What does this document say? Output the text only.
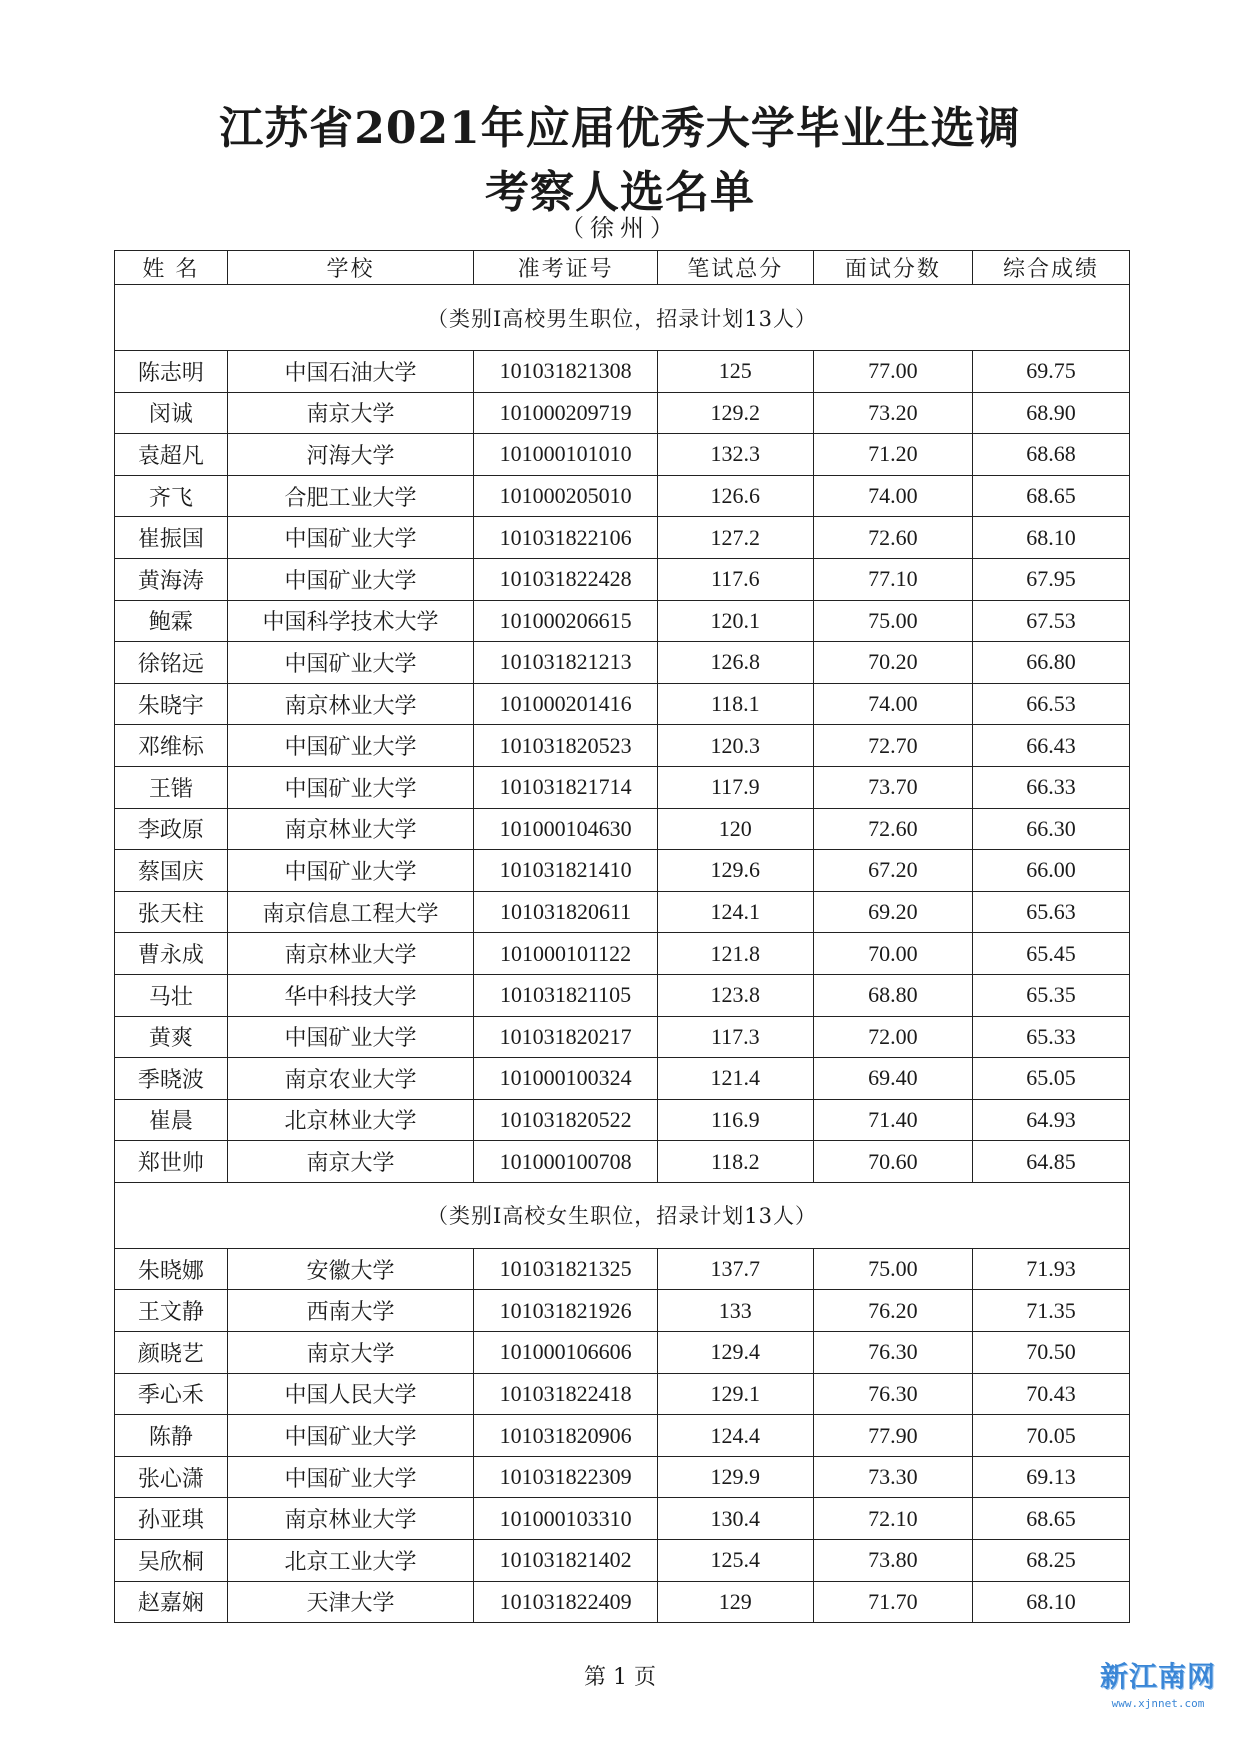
江苏省2021年应届优秀大学毕业生选调
考察人选名单
（徐州）
姓 名	学校	准考证号	笔试总分	面试分数	综合成绩
（类别I高校男生职位，招录计划13人）					
陈志明	中国石油大学	101031821308	125	77.00	69.75
闵诚	南京大学	101000209719	129.2	73.20	68.90
袁超凡	河海大学	101000101010	132.3	71.20	68.68
齐飞	合肥工业大学	101000205010	126.6	74.00	68.65
崔振国	中国矿业大学	101031822106	127.2	72.60	68.10
黄海涛	中国矿业大学	101031822428	117.6	77.10	67.95
鲍霖	中国科学技术大学	101000206615	120.1	75.00	67.53
徐铭远	中国矿业大学	101031821213	126.8	70.20	66.80
朱晓宇	南京林业大学	101000201416	118.1	74.00	66.53
邓维标	中国矿业大学	101031820523	120.3	72.70	66.43
王锴	中国矿业大学	101031821714	117.9	73.70	66.33
李政原	南京林业大学	101000104630	120	72.60	66.30
蔡国庆	中国矿业大学	101031821410	129.6	67.20	66.00
张天柱	南京信息工程大学	101031820611	124.1	69.20	65.63
曹永成	南京林业大学	101000101122	121.8	70.00	65.45
马壮	华中科技大学	101031821105	123.8	68.80	65.35
黄爽	中国矿业大学	101031820217	117.3	72.00	65.33
季晓波	南京农业大学	101000100324	121.4	69.40	65.05
崔晨	北京林业大学	101031820522	116.9	71.40	64.93
郑世帅	南京大学	101000100708	118.2	70.60	64.85
（类别I高校女生职位，招录计划13人）					
朱晓娜	安徽大学	101031821325	137.7	75.00	71.93
王文静	西南大学	101031821926	133	76.20	71.35
颜晓艺	南京大学	101000106606	129.4	76.30	70.50
季心禾	中国人民大学	101031822418	129.1	76.30	70.43
陈静	中国矿业大学	101031820906	124.4	77.90	70.05
张心潇	中国矿业大学	101031822309	129.9	73.30	69.13
孙亚琪	南京林业大学	101000103310	130.4	72.10	68.65
吴欣桐	北京工业大学	101031821402	125.4	73.80	68.25
赵嘉娴	天津大学	101031822409	129	71.70	68.10
第 1 页	新江南网
www.xjnnet.com
